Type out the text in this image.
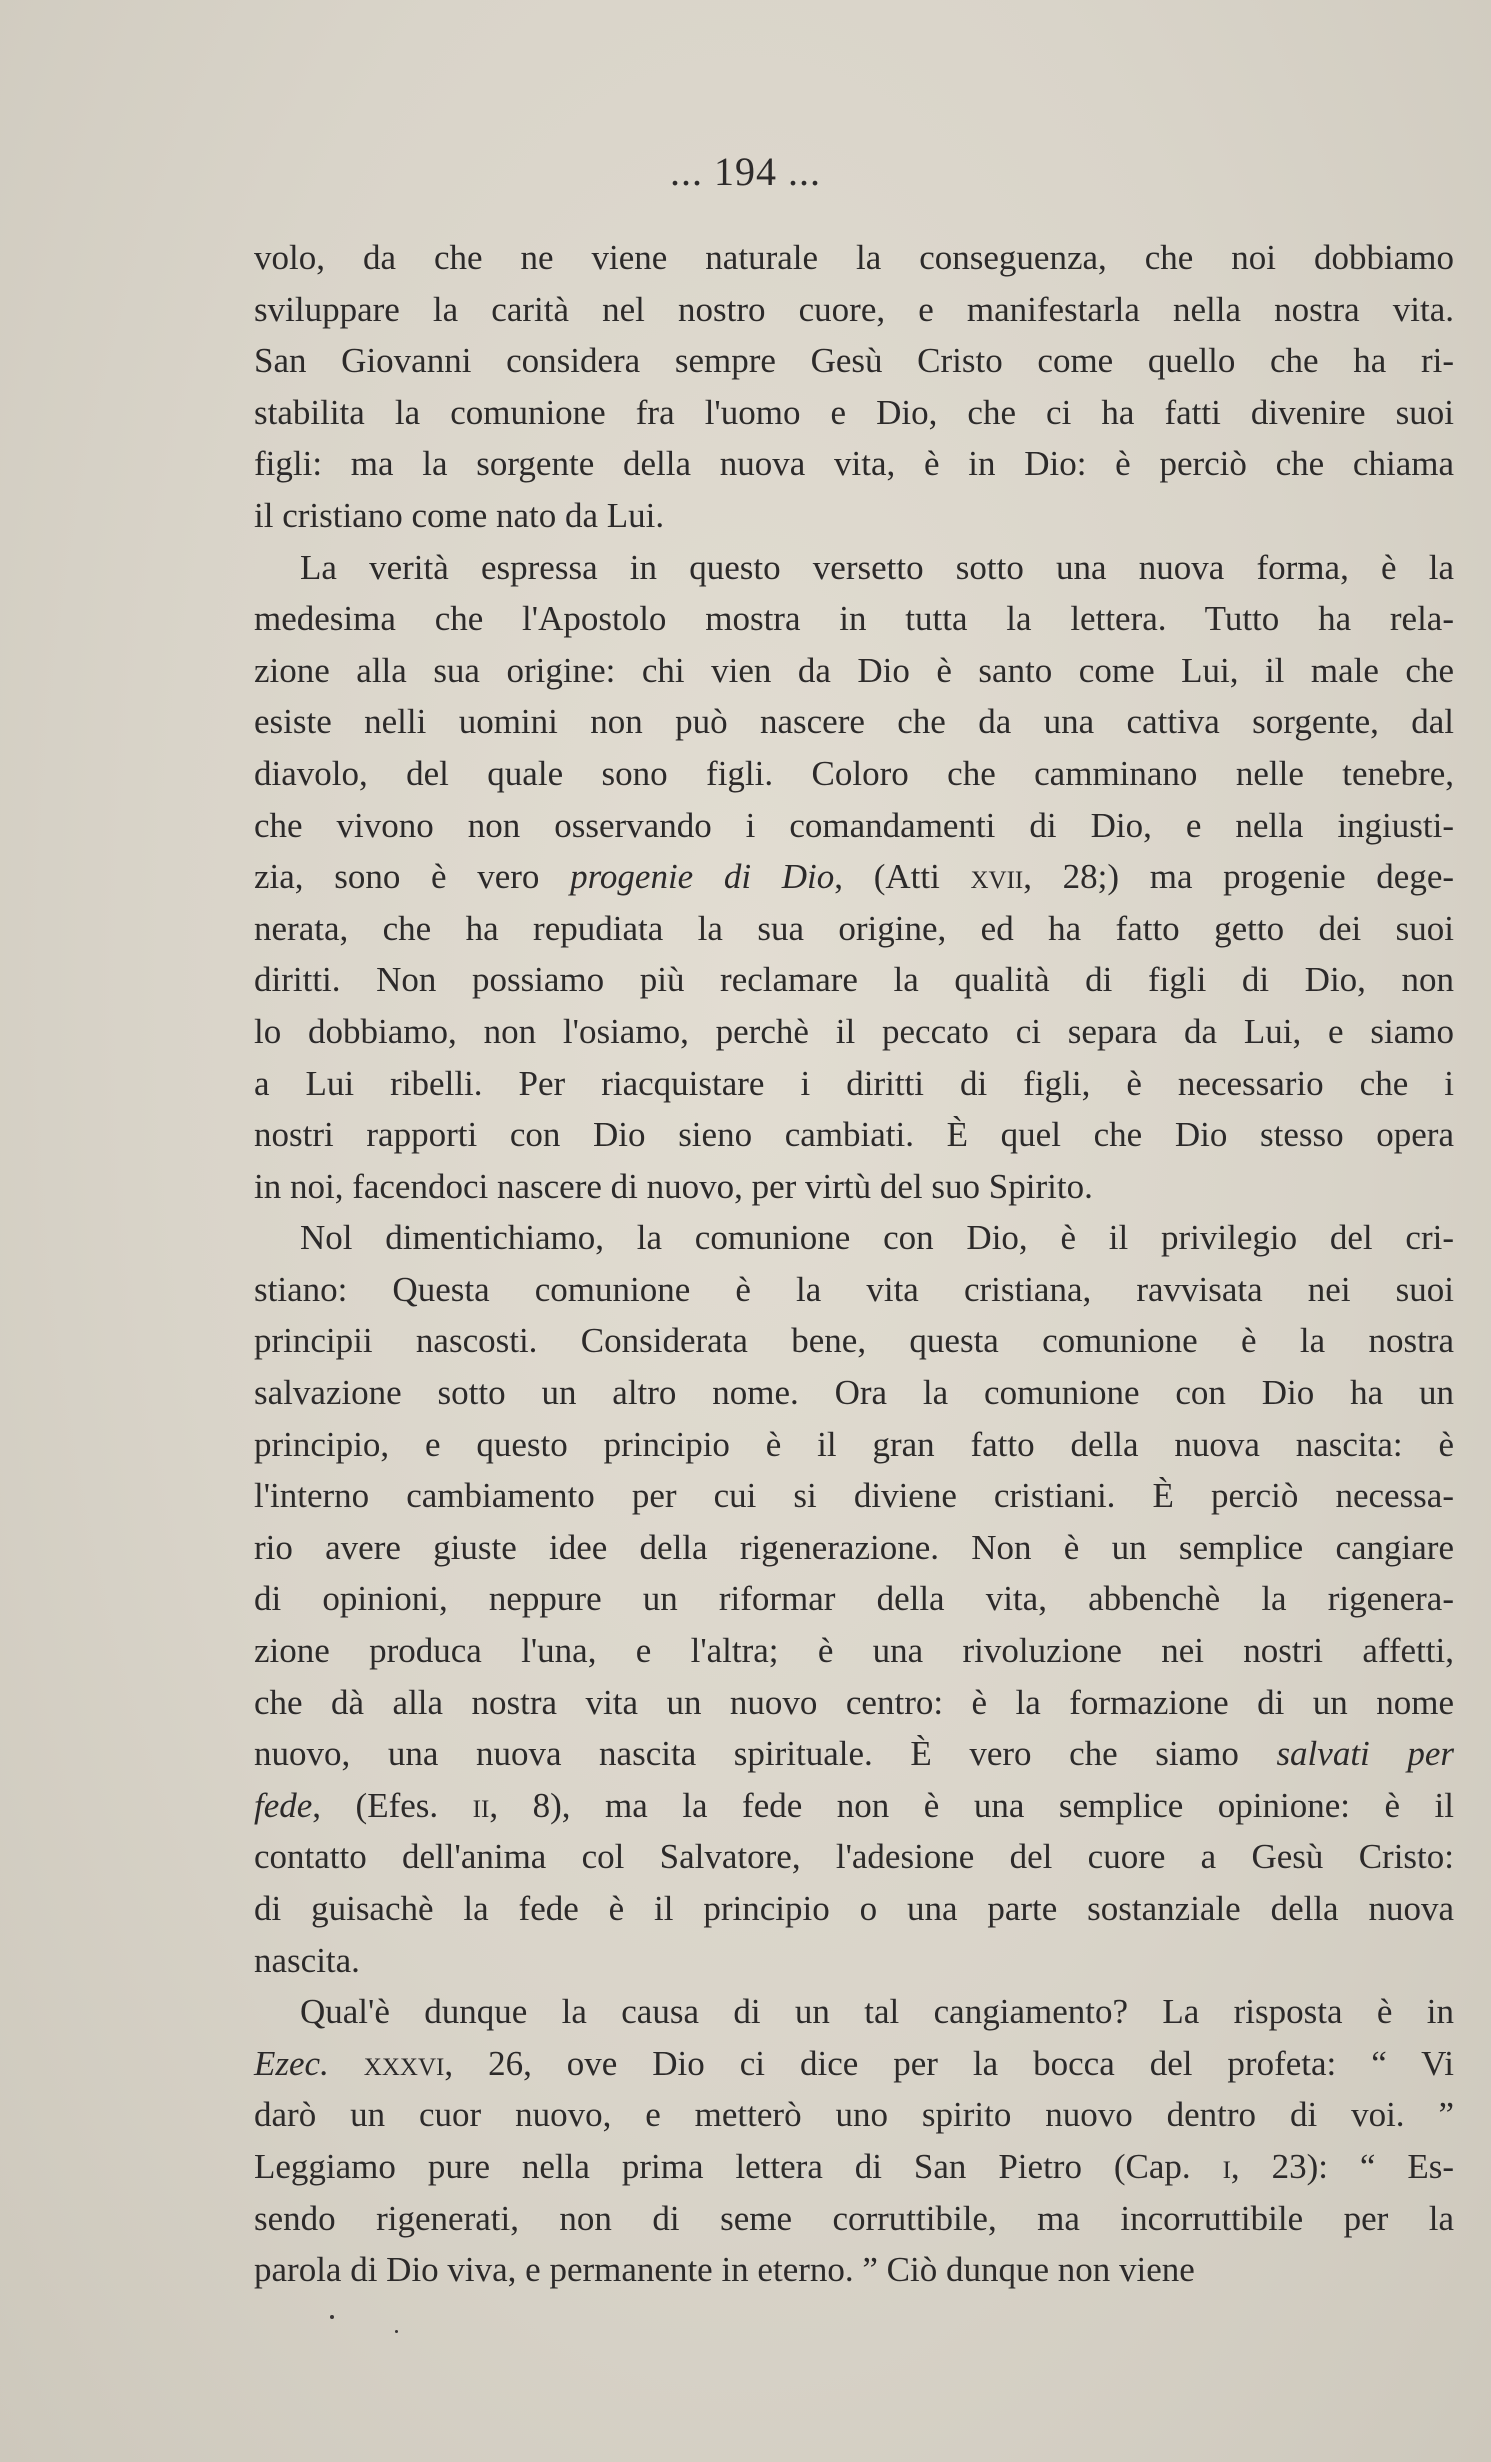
... 194 ...
volo, da che ne viene naturale la conseguenza, che noi dobbiamo
sviluppare la carità nel nostro cuore, e manifestarla nella nostra vita.
San Giovanni considera sempre Gesù Cristo come quello che ha ri-
stabilita la comunione fra l'uomo e Dio, che ci ha fatti divenire suoi
figli: ma la sorgente della nuova vita, è in Dio: è perciò che chiama
il cristiano come nato da Lui.
La verità espressa in questo versetto sotto una nuova forma, è la
medesima che l'Apostolo mostra in tutta la lettera. Tutto ha rela-
zione alla sua origine: chi vien da Dio è santo come Lui, il male che
esiste nelli uomini non può nascere che da una cattiva sorgente, dal
diavolo, del quale sono figli. Coloro che camminano nelle tenebre,
che vivono non osservando i comandamenti di Dio, e nella ingiusti-
zia, sono è vero progenie di Dio, (Atti xvii, 28;) ma progenie dege-
nerata, che ha repudiata la sua origine, ed ha fatto getto dei suoi
diritti. Non possiamo più reclamare la qualità di figli di Dio, non
lo dobbiamo, non l'osiamo, perchè il peccato ci separa da Lui, e siamo
a Lui ribelli. Per riacquistare i diritti di figli, è necessario che i
nostri rapporti con Dio sieno cambiati. È quel che Dio stesso opera
in noi, facendoci nascere di nuovo, per virtù del suo Spirito.
Nol dimentichiamo, la comunione con Dio, è il privilegio del cri-
stiano: Questa comunione è la vita cristiana, ravvisata nei suoi
principii nascosti. Considerata bene, questa comunione è la nostra
salvazione sotto un altro nome. Ora la comunione con Dio ha un
principio, e questo principio è il gran fatto della nuova nascita: è
l'interno cambiamento per cui si diviene cristiani. È perciò necessa-
rio avere giuste idee della rigenerazione. Non è un semplice cangiare
di opinioni, neppure un riformar della vita, abbenchè la rigenera-
zione produca l'una, e l'altra; è una rivoluzione nei nostri affetti,
che dà alla nostra vita un nuovo centro: è la formazione di un nome
nuovo, una nuova nascita spirituale. È vero che siamo salvati per
fede, (Efes. ii, 8), ma la fede non è una semplice opinione: è il
contatto dell'anima col Salvatore, l'adesione del cuore a Gesù Cristo:
di guisachè la fede è il principio o una parte sostanziale della nuova
nascita.
Qual'è dunque la causa di un tal cangiamento? La risposta è in
Ezec. xxxvi, 26, ove Dio ci dice per la bocca del profeta: “ Vi
darò un cuor nuovo, e metterò uno spirito nuovo dentro di voi. ”
Leggiamo pure nella prima lettera di San Pietro (Cap. i, 23): “ Es-
sendo rigenerati, non di seme corruttibile, ma incorruttibile per la
parola di Dio viva, e permanente in eterno. ” Ciò dunque non viene
